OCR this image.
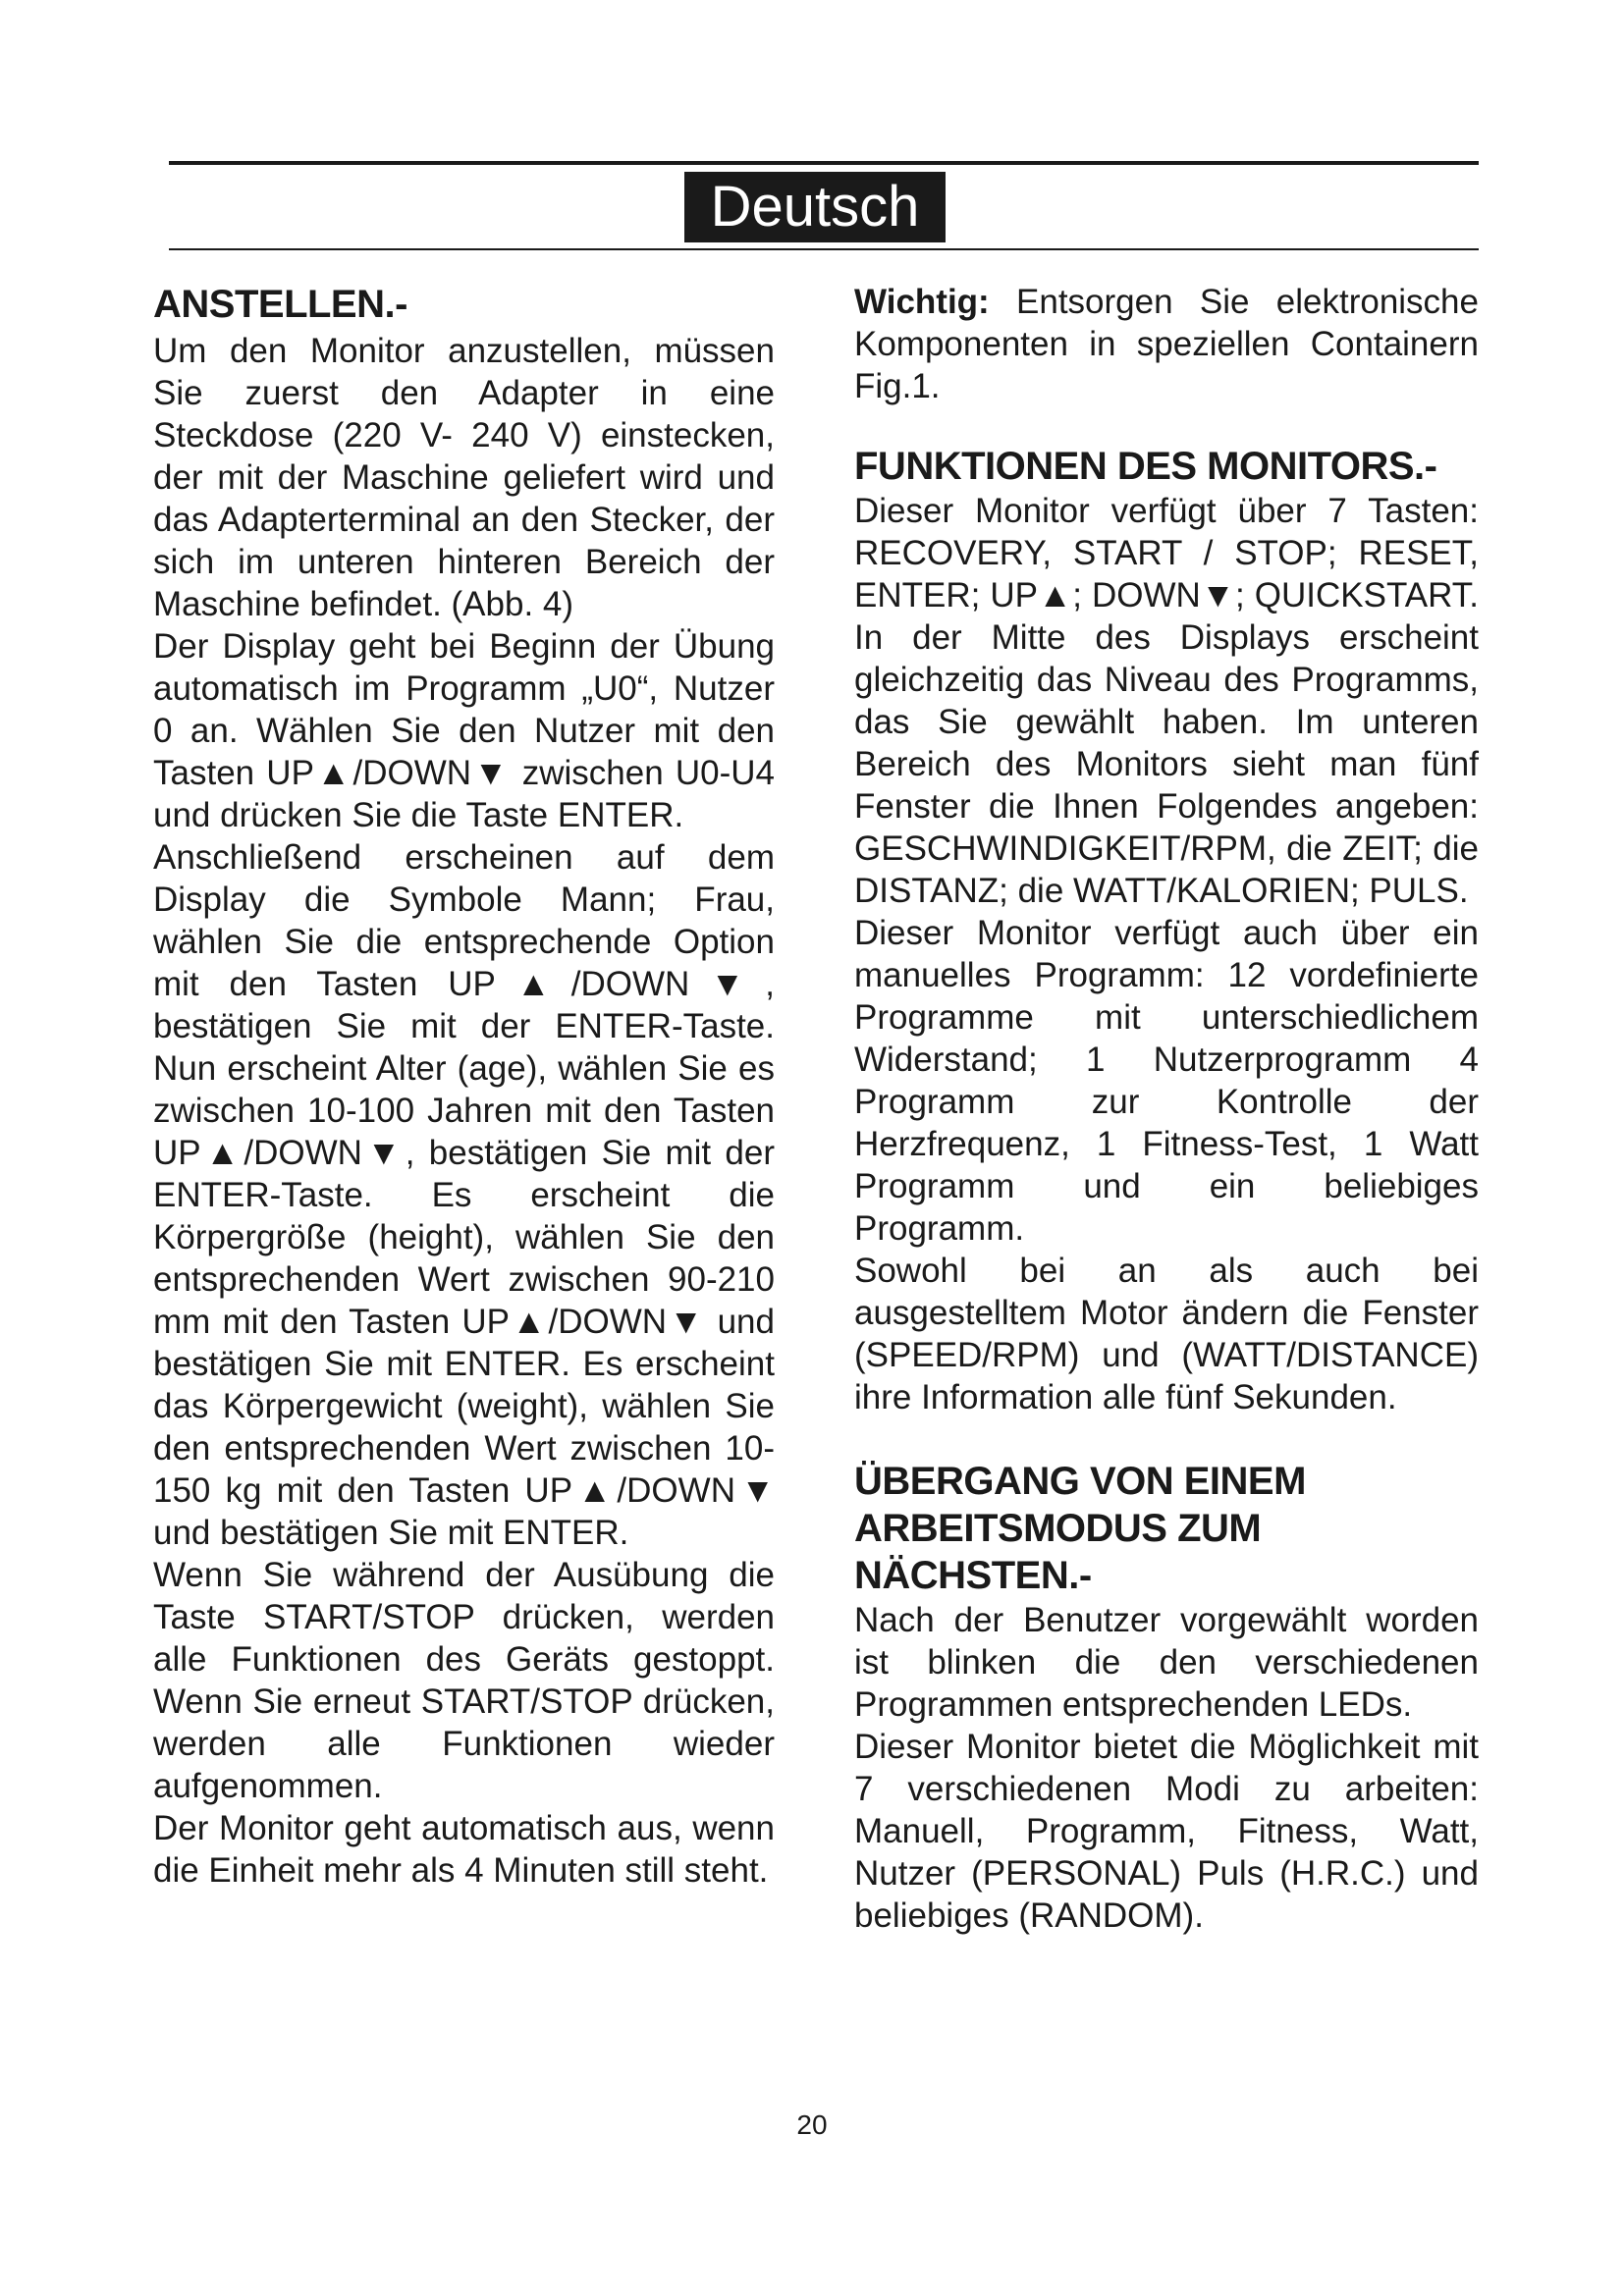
Deutsch
ANSTELLEN.-

Um den Monitor anzustellen, müssen Sie zuerst den Adapter in eine Steckdose (220 V- 240 V) einstecken, der mit der Maschine geliefert wird und das Adapterterminal an den Stecker, der sich im unteren hinteren Bereich der Maschine befindet. (Abb. 4)

Der Display geht bei Beginn der Übung automatisch im Programm „U0“, Nutzer 0 an. Wählen Sie den Nutzer mit den Tasten UP▲/DOWN▼ zwischen U0-U4 und drücken Sie die Taste ENTER.

Anschließend erscheinen auf dem Display die Symbole Mann; Frau, wählen Sie die entsprechende Option mit den Tasten UP▲/DOWN▼, bestätigen Sie mit der ENTER-Taste. Nun erscheint Alter (age), wählen Sie es zwischen 10-100 Jahren mit den Tasten UP▲/DOWN▼, bestätigen Sie mit der ENTER-Taste. Es erscheint die Körpergröße (height), wählen Sie den entsprechenden Wert zwischen 90-210 mm mit den Tasten UP▲/DOWN▼ und bestätigen Sie mit ENTER. Es erscheint das Körpergewicht (weight), wählen Sie den entsprechenden Wert zwischen 10-150 kg mit den Tasten UP▲/DOWN▼ und bestätigen Sie mit ENTER.

Wenn Sie während der Ausübung die Taste START/STOP drücken, werden alle Funktionen des Geräts gestoppt. Wenn Sie erneut START/STOP drücken, werden alle Funktionen wieder aufgenommen.

Der Monitor geht automatisch aus, wenn die Einheit mehr als 4 Minuten still steht.

Wichtig: Entsorgen Sie elektronische Komponenten in speziellen Containern Fig.1.

FUNKTIONEN DES MONITORS.-

Dieser Monitor verfügt über 7 Tasten: RECOVERY, START / STOP; RESET, ENTER; UP▲; DOWN▼; QUICKSTART. In der Mitte des Displays erscheint gleichzeitig das Niveau des Programms, das Sie gewählt haben. Im unteren Bereich des Monitors sieht man fünf Fenster die Ihnen Folgendes angeben: GESCHWINDIGKEIT/RPM, die ZEIT; die DISTANZ; die WATT/KALORIEN; PULS.

Dieser Monitor verfügt auch über ein manuelles Programm: 12 vordefinierte Programme mit unterschiedlichem Widerstand; 1 Nutzerprogramm 4 Programm zur Kontrolle der Herzfrequenz, 1 Fitness-Test, 1 Watt Programm und ein beliebiges Programm.

Sowohl bei an als auch bei ausgestelltem Motor ändern die Fenster (SPEED/RPM) und (WATT/DISTANCE) ihre Information alle fünf Sekunden.

ÜBERGANG VON EINEM ARBEITSMODUS ZUM NÄCHSTEN.-

Nach der Benutzer vorgewählt worden ist blinken die den verschiedenen Programmen entsprechenden LEDs.

Dieser Monitor bietet die Möglichkeit mit 7 verschiedenen Modi zu arbeiten: Manuell, Programm, Fitness, Watt, Nutzer (PERSONAL) Puls (H.R.C.) und beliebiges (RANDOM).

20
